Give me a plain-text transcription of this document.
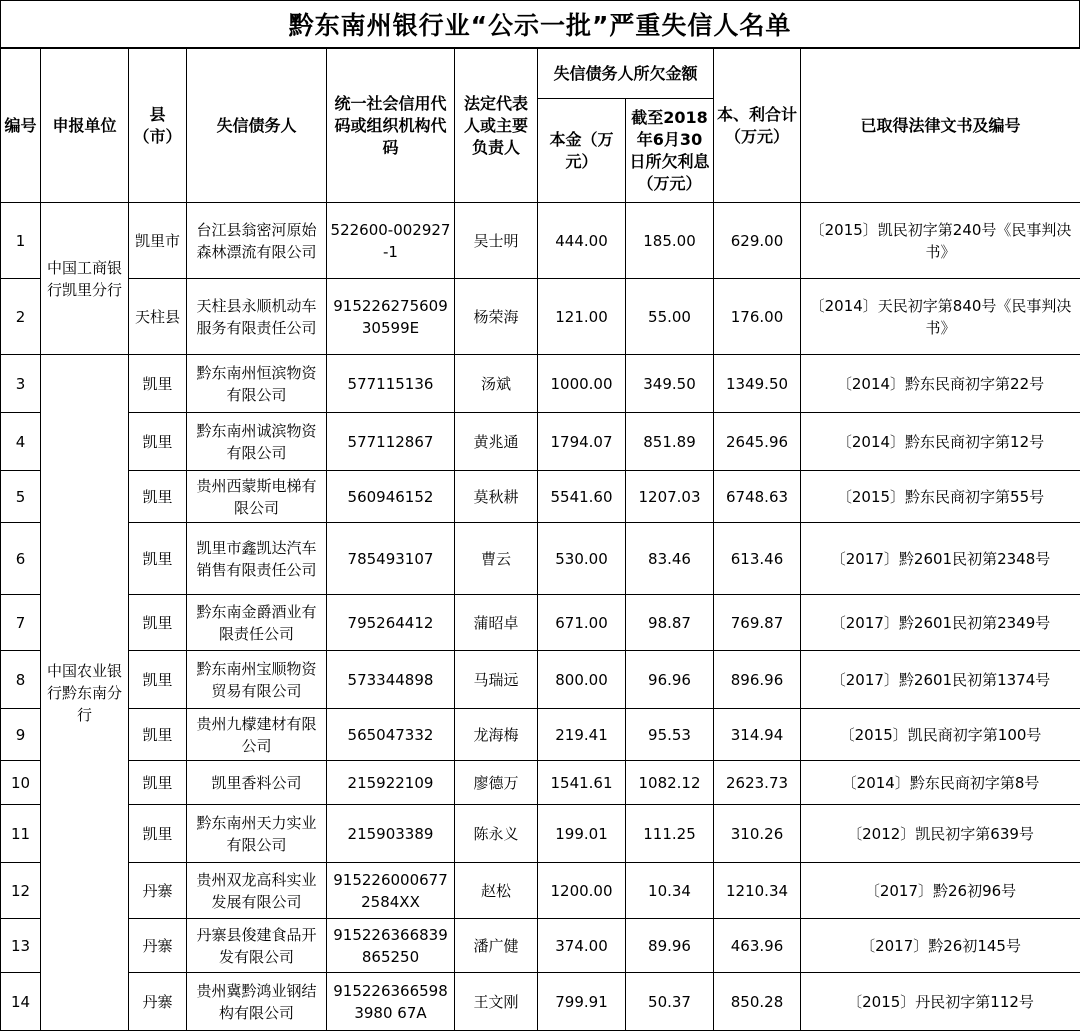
黔东南州银行业“公示一批”严重失信人名单
编号	申报单位	县（市）	失信债务人	统一社会信用代码或组织机构代码	法定代表人或主要负责人	失信债务人所欠金额		本、利合计（万元）	已取得法律文书及编号
						本金（万元）	截至2018年6月30日所欠利息（万元）		
1	中国工商银行凯里分行	凯里市	台江县翁密河原始森林漂流有限公司	522600-002927-1	吴士明	444.00	185.00	629.00	〔2015〕凯民初字第240号《民事判决书》
2		天柱县	天柱县永顺机动车服务有限责任公司	91522627560930599E	杨荣海	121.00	55.00	176.00	〔2014〕天民初字第840号《民事判决书》
3	中国农业银行黔东南分行	凯里	黔东南州恒滨物资有限公司	577115136	汤斌	1000.00	349.50	1349.50	〔2014〕黔东民商初字第22号
4		凯里	黔东南州诚滨物资有限公司	577112867	黄兆通	1794.07	851.89	2645.96	〔2014〕黔东民商初字第12号
5		凯里	贵州西蒙斯电梯有限公司	560946152	莫秋耕	5541.60	1207.03	6748.63	〔2015〕黔东民商初字第55号
6		凯里	凯里市鑫凯达汽车销售有限责任公司	785493107	曹云	530.00	83.46	613.46	〔2017〕黔2601民初第2348号
7		凯里	黔东南金爵酒业有限责任公司	795264412	蒲昭卓	671.00	98.87	769.87	〔2017〕黔2601民初第2349号
8		凯里	黔东南州宝顺物资贸易有限公司	573344898	马瑞远	800.00	96.96	896.96	〔2017〕黔2601民初第1374号
9		凯里	贵州九檬建材有限公司	565047332	龙海梅	219.41	95.53	314.94	〔2015〕凯民商初字第100号
10		凯里	凯里香料公司	215922109	廖德万	1541.61	1082.12	2623.73	〔2014〕黔东民商初字第8号
11		凯里	黔东南州天力实业有限公司	215903389	陈永义	199.01	111.25	310.26	〔2012〕凯民初字第639号
12		丹寨	贵州双龙高科实业发展有限公司	9152260006772584XX	赵松	1200.00	10.34	1210.34	〔2017〕黔26初96号
13		丹寨	丹寨县俊建食品开发有限公司	915226366839865250	潘广健	374.00	89.96	463.96	〔2017〕黔26初145号
14		丹寨	贵州冀黔鸿业钢结构有限公司	9152263665983980 67A	王文刚	799.91	50.37	850.28	〔2015〕丹民初字第112号
